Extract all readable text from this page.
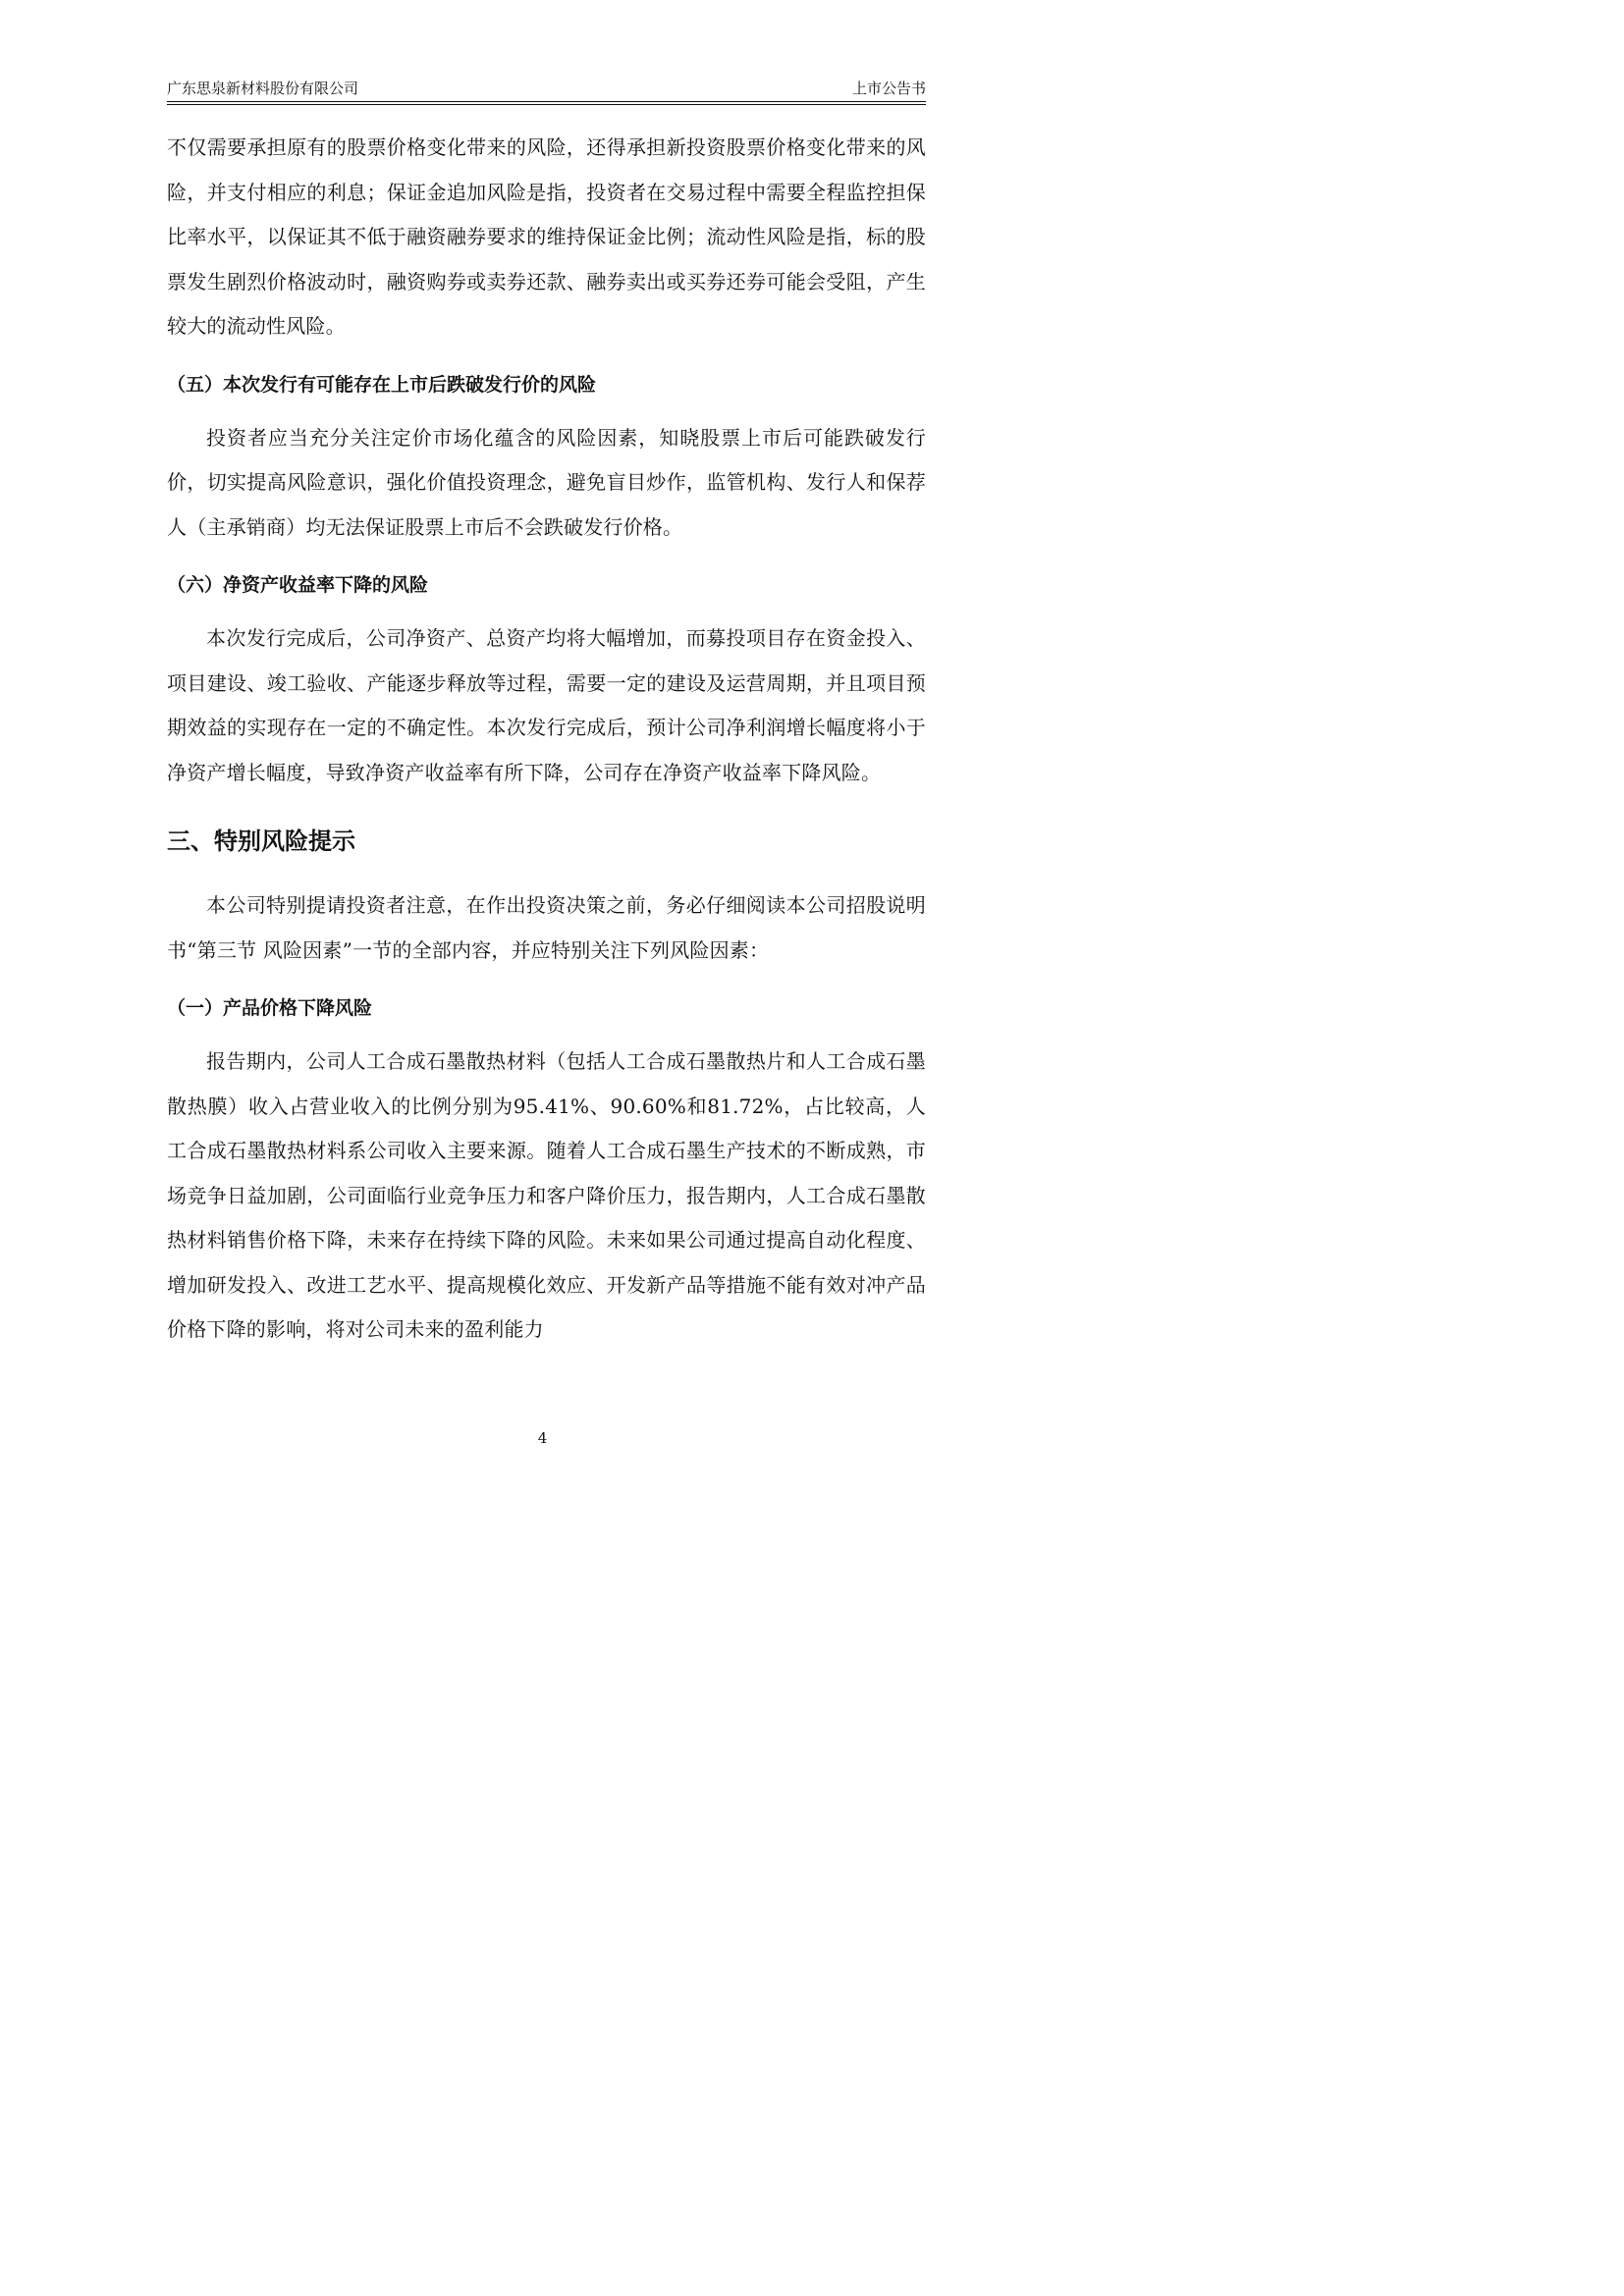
广东思泉新材料股份有限公司	上市公告书

不仅需要承担原有的股票价格变化带来的风险，还得承担新投资股票价格变化带来的风险，并支付相应的利息；保证金追加风险是指，投资者在交易过程中需要全程监控担保比率水平，以保证其不低于融资融券要求的维持保证金比例；流动性风险是指，标的股票发生剧烈价格波动时，融资购券或卖券还款、融券卖出或买券还券可能会受阻，产生较大的流动性风险。

（五）本次发行有可能存在上市后跌破发行价的风险

投资者应当充分关注定价市场化蕴含的风险因素，知晓股票上市后可能跌破发行价，切实提高风险意识，强化价值投资理念，避免盲目炒作，监管机构、发行人和保荐人（主承销商）均无法保证股票上市后不会跌破发行价格。

（六）净资产收益率下降的风险

本次发行完成后，公司净资产、总资产均将大幅增加，而募投项目存在资金投入、项目建设、竣工验收、产能逐步释放等过程，需要一定的建设及运营周期，并且项目预期效益的实现存在一定的不确定性。本次发行完成后，预计公司净利润增长幅度将小于净资产增长幅度，导致净资产收益率有所下降，公司存在净资产收益率下降风险。

三、特别风险提示

本公司特别提请投资者注意，在作出投资决策之前，务必仔细阅读本公司招股说明书“第三节 风险因素”一节的全部内容，并应特别关注下列风险因素：

（一）产品价格下降风险

报告期内，公司人工合成石墨散热材料（包括人工合成石墨散热片和人工合成石墨散热膜）收入占营业收入的比例分别为95.41%、90.60%和81.72%，占比较高，人工合成石墨散热材料系公司收入主要来源。随着人工合成石墨生产技术的不断成熟，市场竞争日益加剧，公司面临行业竞争压力和客户降价压力，报告期内，人工合成石墨散热材料销售价格下降，未来存在持续下降的风险。未来如果公司通过提高自动化程度、增加研发投入、改进工艺水平、提高规模化效应、开发新产品等措施不能有效对冲产品价格下降的影响，将对公司未来的盈利能力

4
